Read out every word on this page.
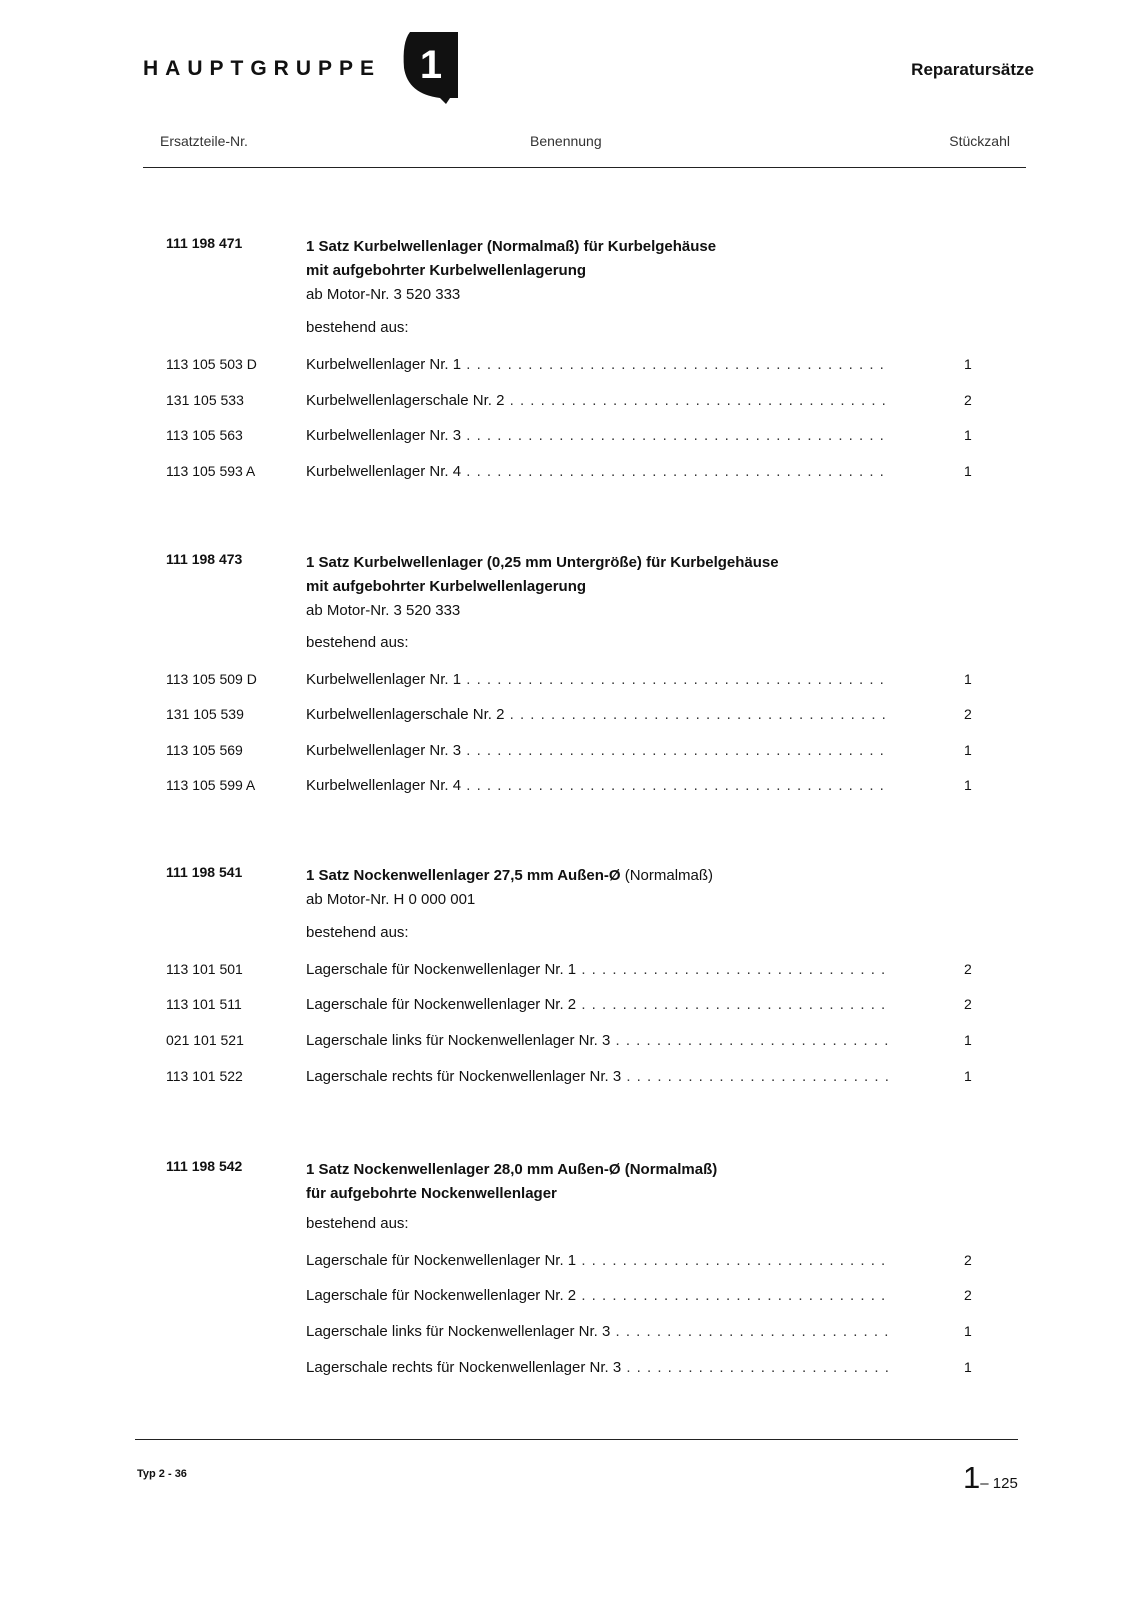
HAUPTGRUPPE 1	Reparatursätze
Ersatzteile-Nr.	Benennung	Stückzahl
111 198 471	1 Satz Kurbelwellenlager (Normalmaß) für Kurbelgehäuse
mit aufgebohrter Kurbelwellenlagerung
ab Motor-Nr. 3 520 333
bestehend aus:
113 105 503 D	Kurbelwellenlager Nr. 1 . . .	1
131 105 533	Kurbelwellenlagerschale Nr. 2 . . .	2
113 105 563	Kurbelwellenlager Nr. 3 . . .	1
113 105 593 A	Kurbelwellenlager Nr. 4 . . .	1
111 198 473	1 Satz Kurbelwellenlager (0,25 mm Untergröße) für Kurbelgehäuse
mit aufgebohrter Kurbelwellenlagerung
ab Motor-Nr. 3 520 333
bestehend aus:
113 105 509 D	Kurbelwellenlager Nr. 1 . . .	1
131 105 539	Kurbelwellenlagerschale Nr. 2 . . .	2
113 105 569	Kurbelwellenlager Nr. 3 . . .	1
113 105 599 A	Kurbelwellenlager Nr. 4 . . .	1
111 198 541	1 Satz Nockenwellenlager 27,5 mm Außen-Ø (Normalmaß)
ab Motor-Nr. H 0 000 001
bestehend aus:
113 101 501	Lagerschale für Nockenwellenlager Nr. 1 . . .	2
113 101 511	Lagerschale für Nockenwellenlager Nr. 2 . . .	2
021 101 521	Lagerschale links für Nockenwellenlager Nr. 3 . . .	1
113 101 522	Lagerschale rechts für Nockenwellenlager Nr. 3 . . .	1
111 198 542	1 Satz Nockenwellenlager 28,0 mm Außen-Ø (Normalmaß)
für aufgebohrte Nockenwellenlager
bestehend aus:
Lagerschale für Nockenwellenlager Nr. 1 . . .	2
Lagerschale für Nockenwellenlager Nr. 2 . . .	2
Lagerschale links für Nockenwellenlager Nr. 3 . . .	1
Lagerschale rechts für Nockenwellenlager Nr. 3 . . .	1
Typ 2 - 36	1– 125
